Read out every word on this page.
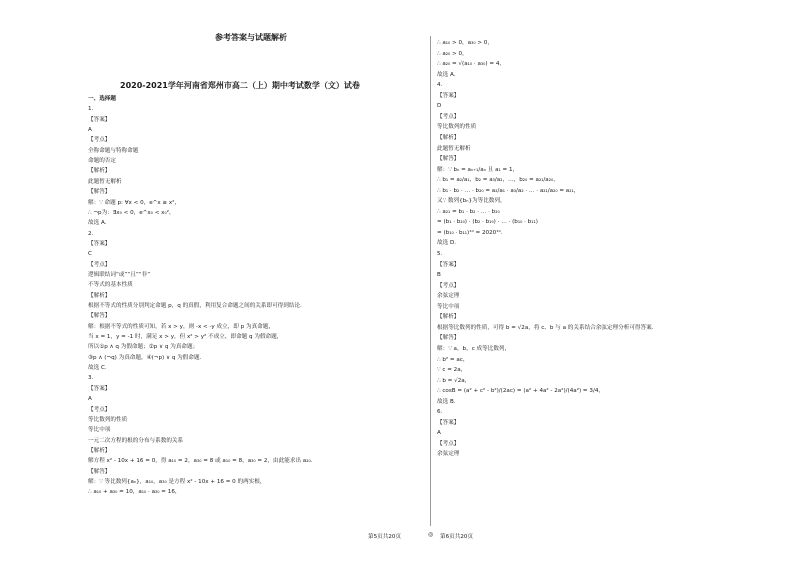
参考答案与试题解析
2020-2021学年河南省郑州市高二（上）期中考试数学（文）试卷
一、选择题
1.
【答案】
A
【考点】
全称命题与特称命题
命题的否定
【解析】
此题暂无解析
【解答】
解：∵ 命题 p: ∀x < 0，e^x ≥ x²，
∴ ¬p为：∃x₀ < 0，e^x₀ < x₀²，
故选 A.
2.
【答案】
C
【考点】
逻辑联结词“或”“且”“非”
不等式的基本性质
【解析】
根据不等式的性质分别判定命题 p，q 的真假，利用复合命题之间的关系即可得到结论.
【解答】
解：根据不等式的性质可知，若 x > y，则 -x < -y 成立，即 p 为真命题，
当 x = 1，y = -1 时，满足 x > y，但 x² > y² 不成立，即命题 q 为假命题，
所以①p ∧ q 为假命题；②p ∨ q 为真命题；
③p ∧ (¬q) 为真命题，④(¬p) ∨ q 为假命题.
故选 C.
3.
【答案】
A
【考点】
等比数列的性质
等比中项
一元二次方程的根的分布与系数的关系
【解析】
解方程 x² - 10x + 16 = 0，得 a₁₀ = 2，a₃₀ = 8 或 a₁₀ = 8，a₃₀ = 2，由此能求出 a₂₀.
【解答】
解：∵ 等比数列{aₙ}，a₁₀，a₃₀ 是方程 x² - 10x + 16 = 0 的两实根，
∴ a₁₀ + a₃₀ = 10，a₁₀ · a₃₀ = 16，
∴ a₁₀ > 0，a₃₀ > 0，
∴ a₂₀ > 0，
∴ a₂₀ = √(a₁₀ · a₃₀) = 4，
故选 A.
4.
【答案】
D
【考点】
等比数列的性质
【解析】
此题暂无解析
【解答】
解：∵ bₙ = aₙ₊₁/aₙ 且 a₁ = 1，
∴ b₁ = a₂/a₁，b₂ = a₃/a₂，…，b₂₀ = a₂₁/a₂₀，
∴ b₁ · b₂ · … · b₂₀ = a₂/a₁ · a₃/a₂ · … · a₂₁/a₂₀ = a₂₁，
又∵ 数列{bₙ}为等比数列，
∴ a₂₁ = b₁ · b₂ · … · b₂₀
= (b₁ · b₂₀) · (b₂ · b₁₉) · … · (b₁₀ · b₁₁)
= (b₁₀ · b₁₁)¹⁰ = 2020¹⁰.
故选 D.
5.
【答案】
B
【考点】
余弦定理
等比中项
【解析】
根据等比数列的性质，可得 b = √2a，将 c、b 与 a 的关系结合余弦定理分析可得答案.
【解答】
解：∵ a，b，c 成等比数列，
∴ b² = ac，
∵ c = 2a，
∴ b = √2a，
∴ cosB = (a² + c² - b²)/(2ac) = (a² + 4a² - 2a²)/(4a²) = 3/4，
故选 B.
6.
【答案】
A
【考点】
余弦定理
第5页共20页	◎ 第6页共20页
